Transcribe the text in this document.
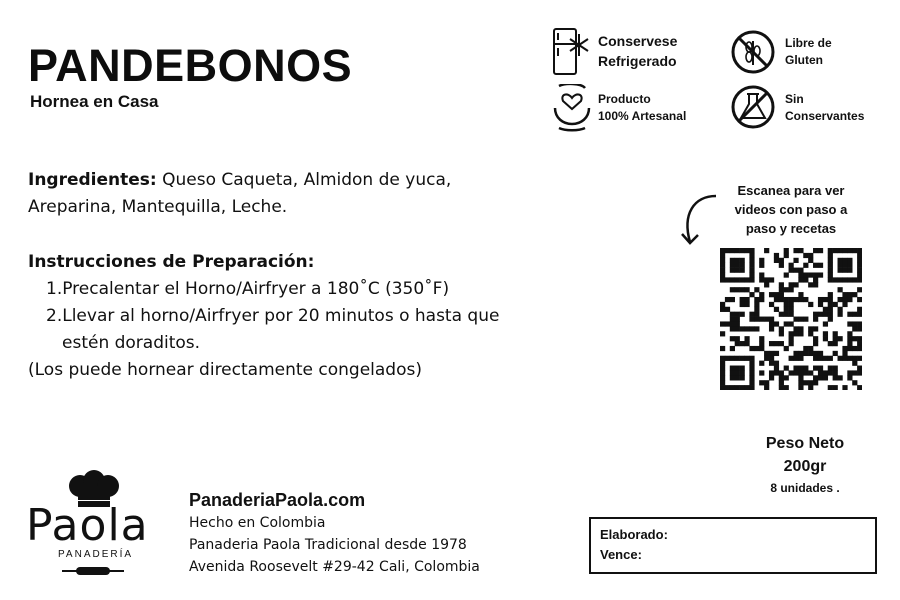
PANDEBONOS
Hornea en Casa
Conservese
Refrigerado
Libre de
Gluten
Producto
100% Artesanal
Sin
Conservantes
Ingredientes: Queso Caqueta, Almidon de yuca, Areparina, Mantequilla, Leche.
Instrucciones de Preparación:
1.Precalentar el Horno/Airfryer a 180˚C (350˚F)
2.Llevar al horno/Airfryer por 20 minutos o hasta que
estén doraditos.
(Los puede hornear directamente congelados)
Escanea para ver
videos con paso a
paso y recetas
Peso Neto
200gr
8 unidades .
Elaborado:
Vence:
PanaderiaPaola.com
Hecho en Colombia
Panaderia Paola Tradicional desde 1978
Avenida Roosevelt #29-42 Cali, Colombia
Paola
PANADERÍA
